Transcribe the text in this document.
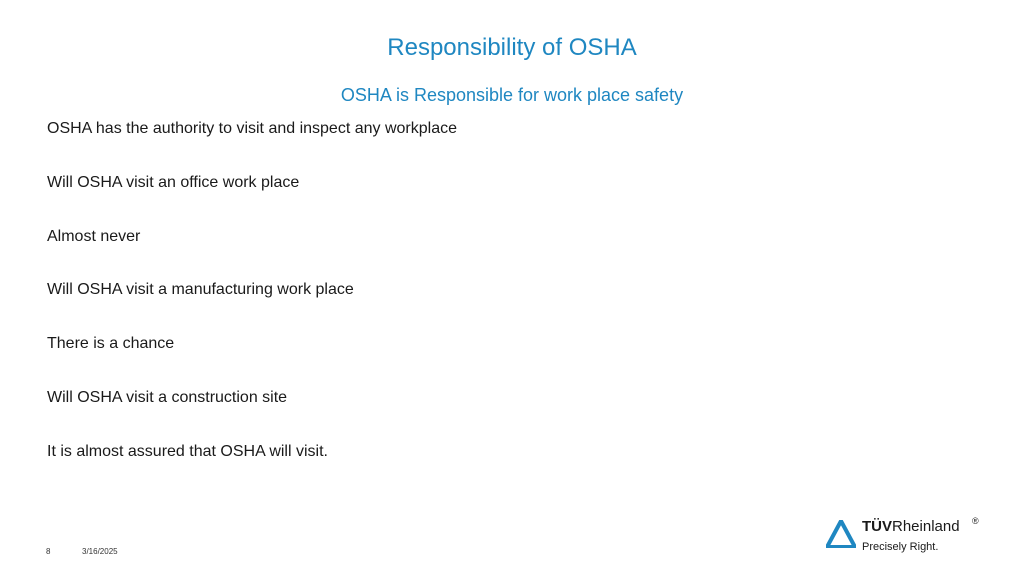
Responsibility of OSHA
OSHA is Responsible for work place safety
OSHA has the authority to visit and inspect any workplace
Will OSHA visit an office work place
Almost never
Will OSHA visit a manufacturing work place
There is a chance
Will OSHA visit a construction site
It is almost assured that OSHA will visit.
8	3/16/2025
TÜVRheinland ®
Precisely Right.
